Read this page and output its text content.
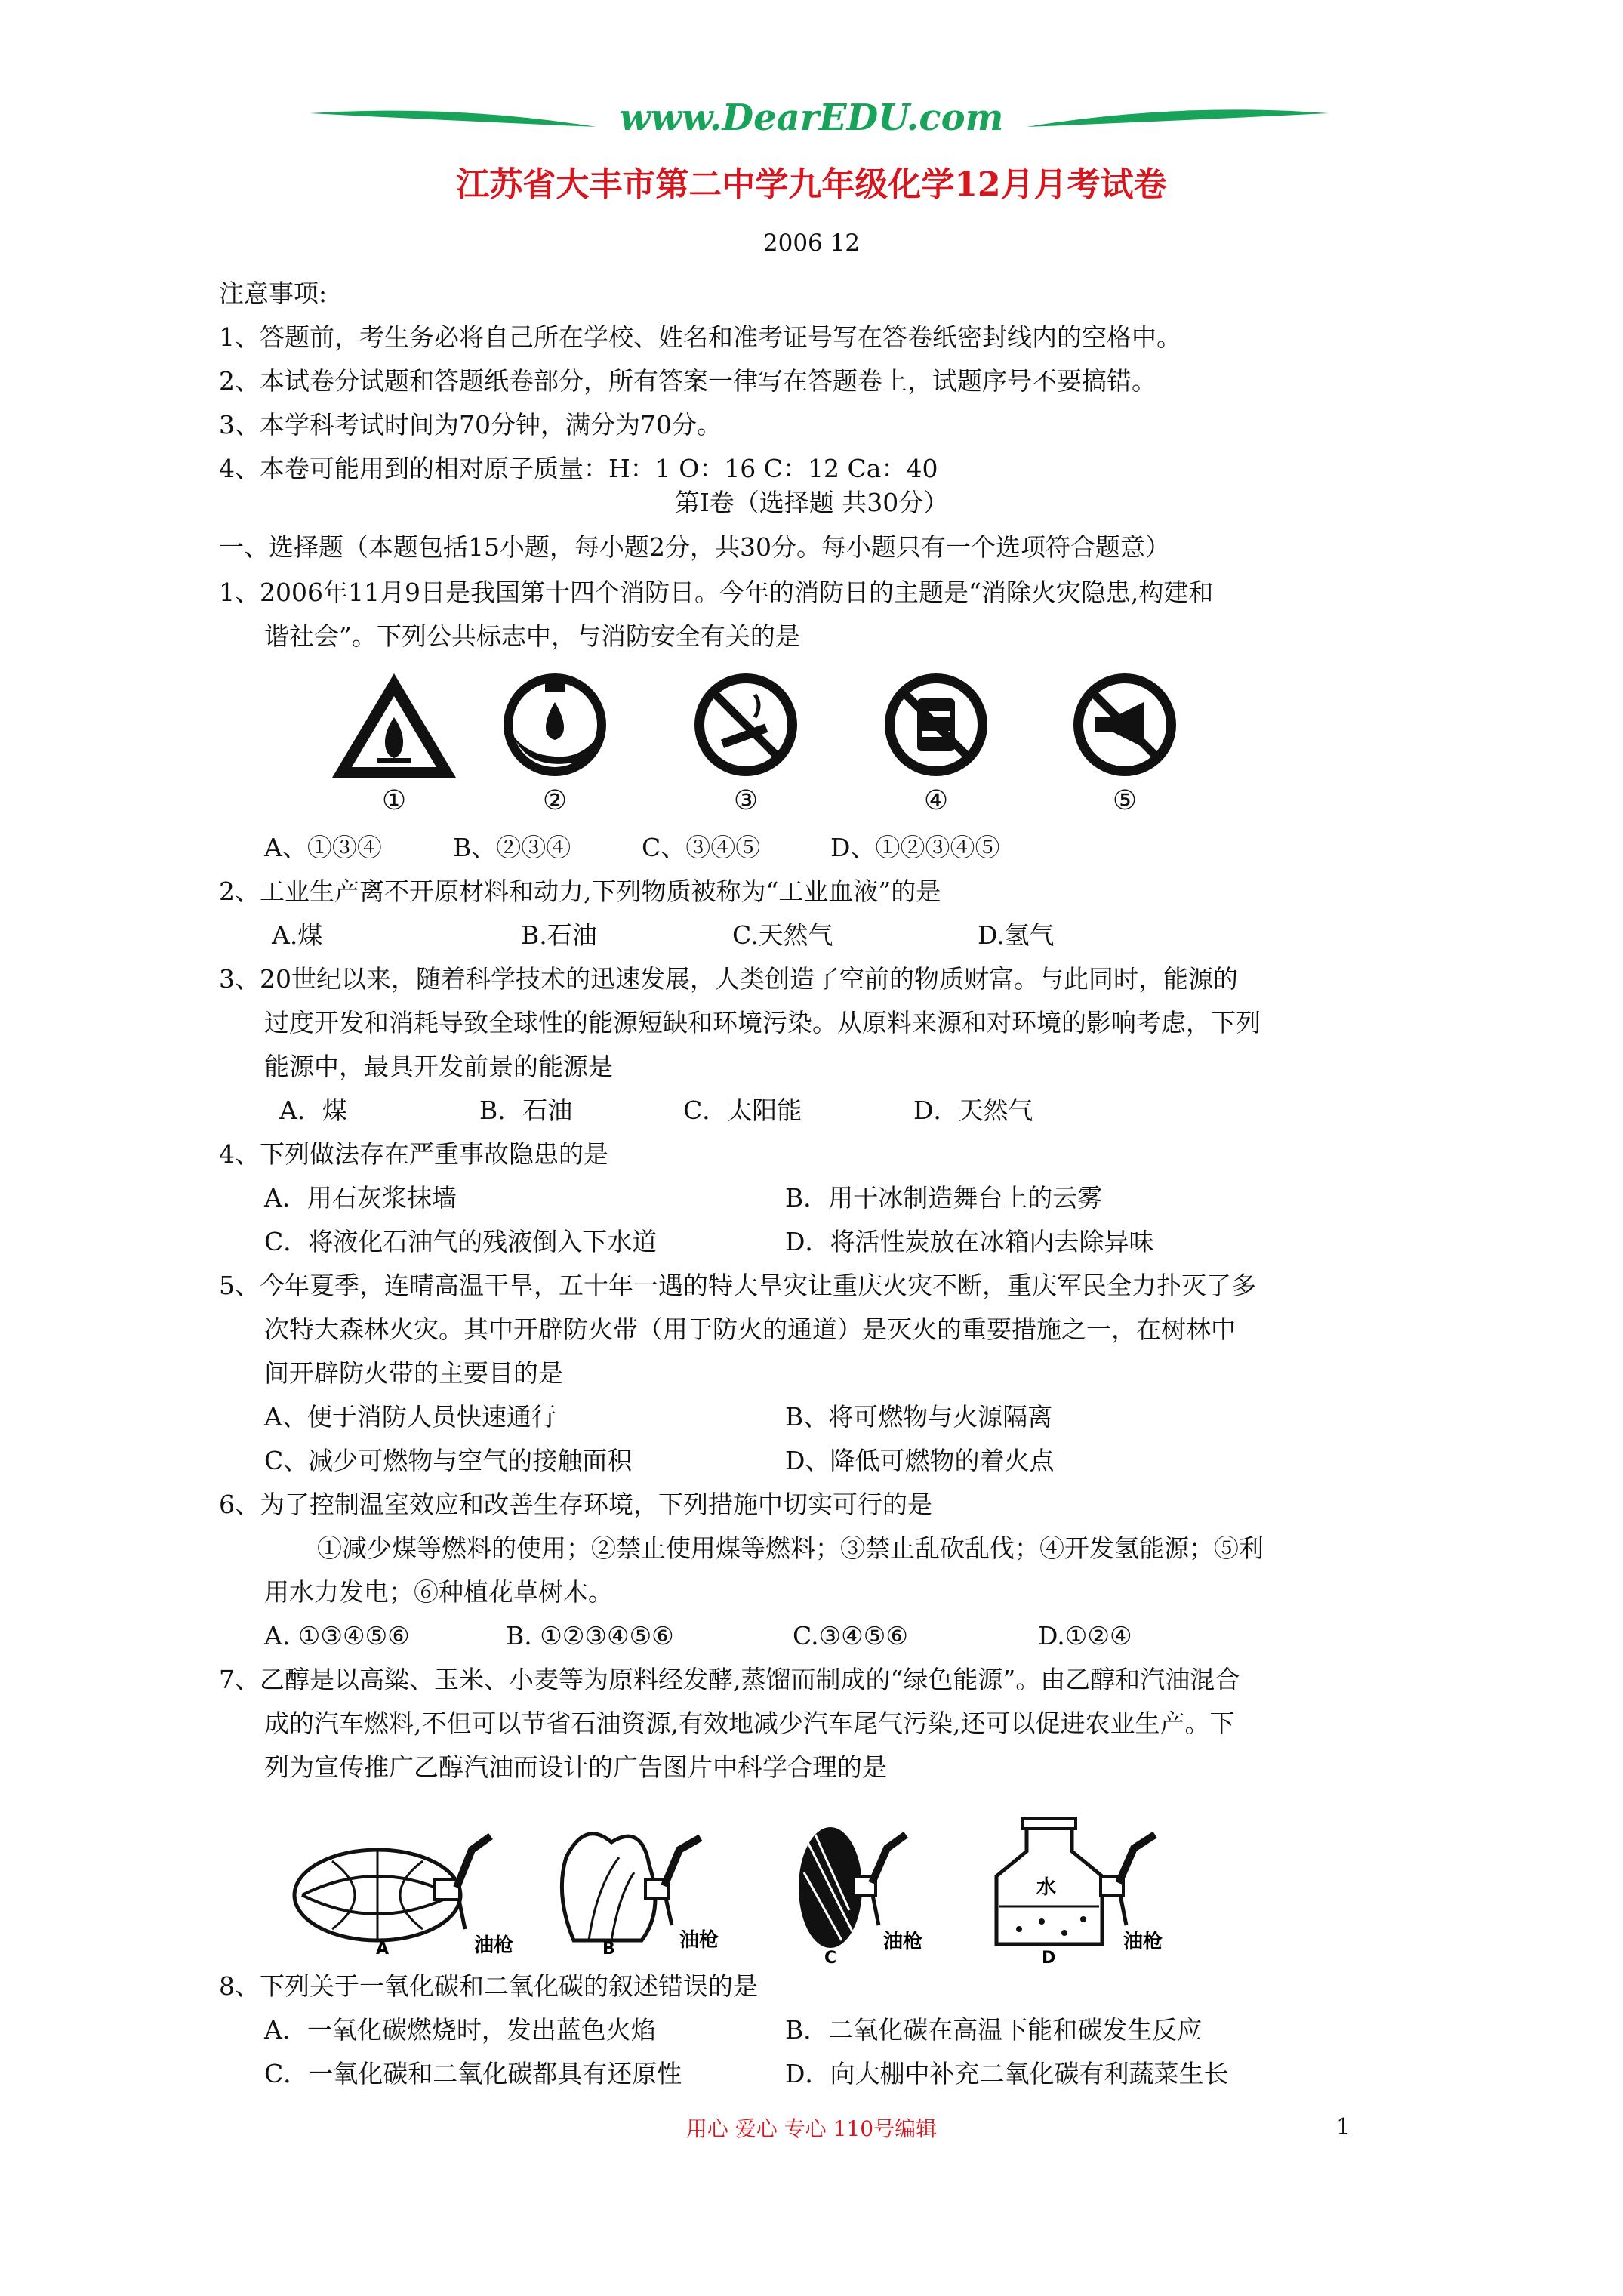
www.DearEDU.com
江苏省大丰市第二中学九年级化学12月月考试卷
2006 12
注意事项:
1、答题前，考生务必将自己所在学校、姓名和准考证号写在答卷纸密封线内的空格中。
2、本试卷分试题和答题纸卷部分，所有答案一律写在答题卷上，试题序号不要搞错。
3、本学科考试时间为70分钟，满分为70分。
4、本卷可能用到的相对原子质量：H：1 O：16 C：12 Ca：40
第Ⅰ卷（选择题 共30分）
一、选择题（本题包括15小题，每小题2分，共30分。每小题只有一个选项符合题意）
1、2006年11月9日是我国第十四个消防日。今年的消防日的主题是“消除火灾隐患,构建和
谐社会”。下列公共标志中，与消防安全有关的是
①	②	③	④	⑤
A、①③④	B、②③④	C、③④⑤	D、①②③④⑤
2、工业生产离不开原材料和动力,下列物质被称为“工业血液”的是
A.煤	B.石油	C.天然气	D.氢气
3、20世纪以来，随着科学技术的迅速发展，人类创造了空前的物质财富。与此同时，能源的
过度开发和消耗导致全球性的能源短缺和环境污染。从原料来源和对环境的影响考虑，下列
能源中，最具开发前景的能源是
A．煤	B．石油	C．太阳能	D．天然气
4、下列做法存在严重事故隐患的是
A．用石灰浆抹墙	B．用干冰制造舞台上的云雾
C．将液化石油气的残液倒入下水道	D．将活性炭放在冰箱内去除异味
5、今年夏季，连晴高温干旱，五十年一遇的特大旱灾让重庆火灾不断，重庆军民全力扑灭了多
次特大森林火灾。其中开辟防火带（用于防火的通道）是灭火的重要措施之一，在树林中
间开辟防火带的主要目的是
A、便于消防人员快速通行	B、将可燃物与火源隔离
C、减少可燃物与空气的接触面积	D、降低可燃物的着火点
6、为了控制温室效应和改善生存环境，下列措施中切实可行的是
①减少煤等燃料的使用；②禁止使用煤等燃料；③禁止乱砍乱伐；④开发氢能源；⑤利
用水力发电；⑥种植花草树木。
A. ①③④⑤⑥	B. ①②③④⑤⑥	C.③④⑤⑥	D.①②④
7、乙醇是以高粱、玉米、小麦等为原料经发酵,蒸馏而制成的“绿色能源”。由乙醇和汽油混合
成的汽车燃料,不但可以节省石油资源,有效地减少汽车尾气污染,还可以促进农业生产。下
列为宣传推广乙醇汽油而设计的广告图片中科学合理的是
A	油枪	B	油枪
C
油枪
D
油枪
水
8、下列关于一氧化碳和二氧化碳的叙述错误的是
A．一氧化碳燃烧时，发出蓝色火焰	B．二氧化碳在高温下能和碳发生反应
C．一氧化碳和二氧化碳都具有还原性	D．向大棚中补充二氧化碳有利蔬菜生长
用心 爱心 专心 110号编辑	1
